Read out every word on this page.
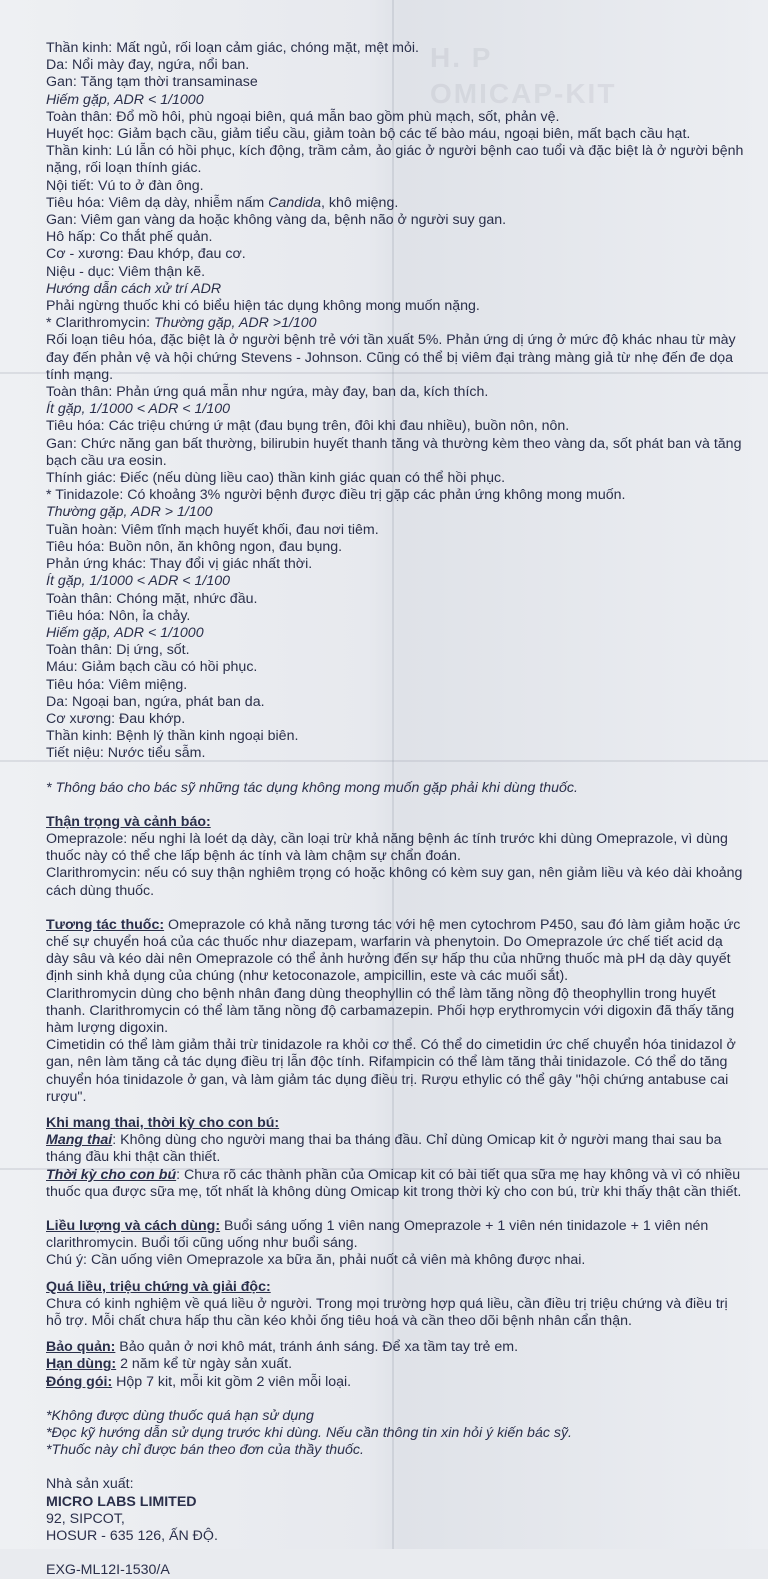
H. P
OMICAP-KIT
Thần kinh: Mất ngủ, rối loạn cảm giác, chóng mặt, mệt mỏi.
Da: Nổi mày đay, ngứa, nổi ban.
Gan: Tăng tạm thời transaminase
Hiếm gặp, ADR < 1/1000
Toàn thân: Đổ mồ hôi, phù ngoại biên, quá mẫn bao gồm phù mạch, sốt, phản vệ.
Huyết học: Giảm bạch cầu, giảm tiểu cầu, giảm toàn bộ các tế bào máu, ngoại biên, mất bạch cầu hạt.
Thần kinh: Lú lẫn có hồi phục, kích động, trầm cảm, ảo giác ở người bệnh cao tuổi và đặc biệt là ở người bệnh nặng, rối loạn thính giác.
Nội tiết: Vú to ở đàn ông.
Tiêu hóa: Viêm dạ dày, nhiễm nấm Candida, khô miệng.
Gan: Viêm gan vàng da hoặc không vàng da, bệnh não ở người suy gan.
Hô hấp: Co thắt phế quản.
Cơ - xương: Đau khớp, đau cơ.
Niệu - dục: Viêm thận kẽ.
Hướng dẫn cách xử trí ADR
Phải ngừng thuốc khi có biểu hiện tác dụng không mong muốn nặng.
* Clarithromycin: Thường gặp, ADR >1/100
Rối loạn tiêu hóa, đặc biệt là ở người bệnh trẻ với tần xuất 5%. Phản ứng dị ứng ở mức độ khác nhau từ mày đay đến phản vệ và hội chứng Stevens - Johnson. Cũng có thể bị viêm đại tràng màng giả từ nhẹ đến đe dọa tính mạng.
Toàn thân: Phản ứng quá mẫn như ngứa, mày đay, ban da, kích thích.
Ít gặp, 1/1000 < ADR < 1/100
Tiêu hóa: Các triệu chứng ứ mật (đau bụng trên, đôi khi đau nhiều), buồn nôn, nôn.
Gan: Chức năng gan bất thường, bilirubin huyết thanh tăng và thường kèm theo vàng da, sốt phát ban và tăng bạch cầu ưa eosin.
Thính giác: Điếc (nếu dùng liều cao) thần kinh giác quan có thể hồi phục.
* Tinidazole: Có khoảng 3% người bệnh được điều trị gặp các phản ứng không mong muốn.
Thường gặp, ADR > 1/100
Tuần hoàn: Viêm tĩnh mạch huyết khối, đau nơi tiêm.
Tiêu hóa: Buồn nôn, ăn không ngon, đau bụng.
Phản ứng khác: Thay đổi vị giác nhất thời.
Ít gặp, 1/1000 < ADR < 1/100
Toàn thân: Chóng mặt, nhức đầu.
Tiêu hóa: Nôn, ỉa chảy.
Hiếm gặp, ADR < 1/1000
Toàn thân: Dị ứng, sốt.
Máu: Giảm bạch cầu có hồi phục.
Tiêu hóa: Viêm miệng.
Da: Ngoại ban, ngứa, phát ban da.
Cơ xương: Đau khớp.
Thần kinh: Bệnh lý thần kinh ngoại biên.
Tiết niệu: Nước tiểu sẫm.
* Thông báo cho bác sỹ những tác dụng không mong muốn gặp phải khi dùng thuốc.
Thận trọng và cảnh báo:
Omeprazole: nếu nghi là loét dạ dày, cần loại trừ khả năng bệnh ác tính trước khi dùng Omeprazole, vì dùng thuốc này có thể che lấp bệnh ác tính và làm chậm sự chẩn đoán.
Clarithromycin: nếu có suy thận nghiêm trọng có hoặc không có kèm suy gan, nên giảm liều và kéo dài khoảng cách dùng thuốc.
Tương tác thuốc: Omeprazole có khả năng tương tác với hệ men cytochrom P450, sau đó làm giảm hoặc ức chế sự chuyển hoá của các thuốc như diazepam, warfarin và phenytoin. Do Omeprazole ức chế tiết acid dạ dày sâu và kéo dài nên Omeprazole có thể ảnh hưởng đến sự hấp thu của những thuốc mà pH dạ dày quyết định sinh khả dụng của chúng (như ketoconazole, ampicillin, este và các muối sắt).
Clarithromycin dùng cho bệnh nhân đang dùng theophyllin có thể làm tăng nồng độ theophyllin trong huyết thanh. Clarithromycin có thể làm tăng nồng độ carbamazepin. Phối hợp erythromycin với digoxin đã thấy tăng hàm lượng digoxin.
Cimetidin có thể làm giảm thải trừ tinidazole ra khỏi cơ thể. Có thể do cimetidin ức chế chuyển hóa tinidazol ở gan, nên làm tăng cả tác dụng điều trị lẫn độc tính. Rifampicin có thể làm tăng thải tinidazole. Có thể do tăng chuyển hóa tinidazole ở gan, và làm giảm tác dụng điều trị. Rượu ethylic có thể gây "hội chứng antabuse cai rượu".
Khi mang thai, thời kỳ cho con bú:
Mang thai: Không dùng cho người mang thai ba tháng đầu. Chỉ dùng Omicap kit ở người mang thai sau ba tháng đầu khi thật cần thiết.
Thời kỳ cho con bú: Chưa rõ các thành phần của Omicap kit có bài tiết qua sữa mẹ hay không và vì có nhiều thuốc qua được sữa mẹ, tốt nhất là không dùng Omicap kit trong thời kỳ cho con bú, trừ khi thấy thật cần thiết.
Liều lượng và cách dùng: Buổi sáng uống 1 viên nang Omeprazole + 1 viên nén tinidazole + 1 viên nén clarithromycin. Buổi tối cũng uống như buổi sáng.
Chú ý: Cần uống viên Omeprazole xa bữa ăn, phải nuốt cả viên mà không được nhai.
Quá liều, triệu chứng và giải độc:
Chưa có kinh nghiệm về quá liều ở người. Trong mọi trường hợp quá liều, cần điều trị triệu chứng và điều trị hỗ trợ. Mỗi chất chưa hấp thu cần kéo khỏi ống tiêu hoá và cần theo dõi bệnh nhân cẩn thận.
Bảo quản: Bảo quản ở nơi khô mát, tránh ánh sáng. Để xa tầm tay trẻ em.
Hạn dùng: 2 năm kể từ ngày sản xuất.
Đóng gói: Hộp 7 kit, mỗi kit gồm 2 viên mỗi loại.
*Không được dùng thuốc quá hạn sử dụng
*Đọc kỹ hướng dẫn sử dụng trước khi dùng. Nếu cần thông tin xin hỏi ý kiến bác sỹ.
*Thuốc này chỉ được bán theo đơn của thầy thuốc.
Nhà sản xuất:
MICRO LABS LIMITED
92, SIPCOT,
HOSUR - 635 126, ẤN ĐỘ.
EXG-ML12I-1530/A
